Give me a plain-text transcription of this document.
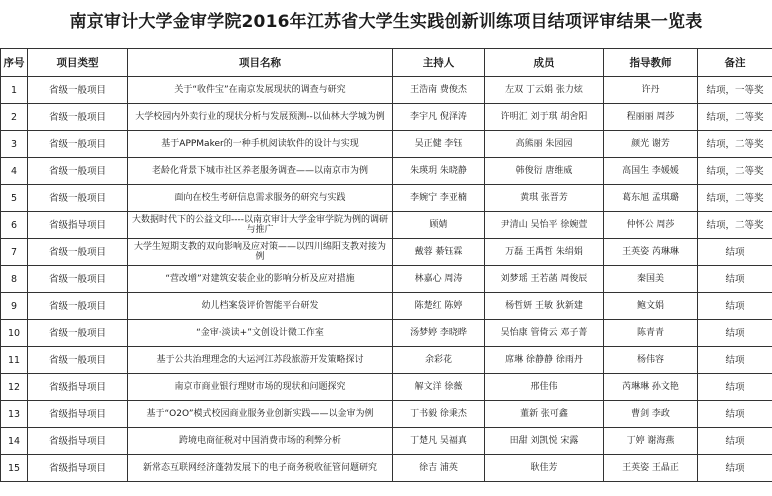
南京审计大学金审学院2016年江苏省大学生实践创新训练项目结项评审结果一览表
序号	项目类型	项目名称	主持人	成员	指导教师	备注
1	省级一般项目	关于“收件宝”在南京发展现状的调查与研究	王浩南 费俊杰	左双 丁云娟 张力炫	许丹	结项，一等奖
2	省级一般项目	大学校园内外卖行业的现状分析与发展预测--以仙林大学城为例	李宇凡 倪泽涛	许明汇 刘于琪 胡舍阳	程丽丽 周莎	结项，二等奖
3	省级一般项目	基于APPMaker的一种手机阅读软件的设计与实现	吴正健 李钰	高熊丽 朱园园	颜光 谢芳	结项，二等奖
4	省级一般项目	老龄化背景下城市社区养老服务调查——以南京市为例	朱瑛玥 朱晓静	韩俊衍 唐维威	高国生 李媛媛	结项，二等奖
5	省级一般项目	面向在校生考研信息需求服务的研究与实践	李婉宁 李亚楠	黄琪 张晋芳	葛东旭 孟琪璐	结项，二等奖
6	省级指导项目	大数据时代下的公益文印----以南京审计大学金审学院为例的调研与推广	顾婧	尹清山 吴怡平 徐婉萱	仲怀公 周莎	结项，二等奖
7	省级一般项目	大学生短期支教的双向影响及应对策——以四川绵阳支教对接为例	戴蓉 綦钰霖	万磊 王禹哲 朱绢娟	王英姿 芮琳琳	结项
8	省级一般项目	“营改增”对建筑安装企业的影响分析及应对措施	林嘉心 周涛	刘梦瑶 王若菡 周俊辰	秦国美	结项
9	省级一般项目	幼儿档案袋评价智能平台研发	陈楚红 陈婷	杨哲妍 王敏 狄新建	鲍文娟	结项
10	省级一般项目	“金审·淡读+”文创设计微工作室	汤梦婷 李晓晔	吴怡康 管倚云 邓子菁	陈青青	结项
11	省级一般项目	基于公共治理理念的大运河江苏段旅游开发策略探讨	余彩花	席琳 徐静静 徐雨丹	杨伟容	结项
12	省级指导项目	南京市商业银行理财市场的现状和问题探究	解文洋 徐薇	邢佳伟	芮琳琳 孙文艳	结项
13	省级指导项目	基于“O2O”模式校园商业服务业创新实践——以金审为例	丁书毅 徐秉杰	董新 张可鑫	曹剑 李政	结项
14	省级指导项目	跨境电商征税对中国消费市场的利弊分析	丁楚凡 吴福真	田甜 刘凯悦 宋露	丁婷 谢海燕	结项
15	省级指导项目	新常态互联网经济蓬勃发展下的电子商务税收征管问题研究	徐吉 浦英	耿佳芳	王英姿 王晶正	结项
